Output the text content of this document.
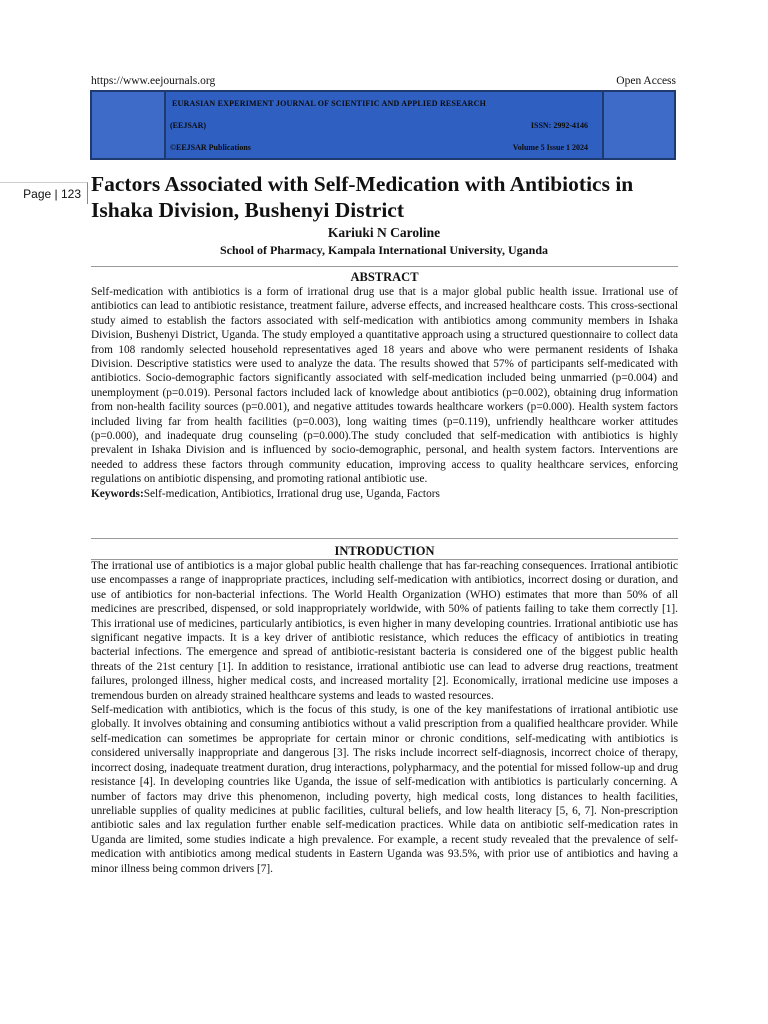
https://www.eejournals.org	Open Access
EURASIAN EXPERIMENT JOURNAL OF SCIENTIFIC AND APPLIED RESEARCH
(EEJSAR)	ISSN: 2992-4146
©EEJSAR Publications	Volume 5 Issue 1 2024
Page | 123 Factors Associated with Self-Medication with Antibiotics in Ishaka Division, Bushenyi District
Kariuki N Caroline
School of Pharmacy, Kampala International University, Uganda
ABSTRACT

Self-medication with antibiotics is a form of irrational drug use that is a major global public health issue. Irrational use of antibiotics can lead to antibiotic resistance, treatment failure, adverse effects, and increased healthcare costs. This cross-sectional study aimed to establish the factors associated with self-medication with antibiotics among community members in Ishaka Division, Bushenyi District, Uganda. The study employed a quantitative approach using a structured questionnaire to collect data from 108 randomly selected household representatives aged 18 years and above who were permanent residents of Ishaka Division. Descriptive statistics were used to analyze the data. The results showed that 57% of participants self-medicated with antibiotics. Socio-demographic factors significantly associated with self-medication included being unmarried (p=0.004) and unemployment (p=0.019). Personal factors included lack of knowledge about antibiotics (p=0.002), obtaining drug information from non-health facility sources (p=0.001), and negative attitudes towards healthcare workers (p=0.000). Health system factors included living far from health facilities (p=0.003), long waiting times (p=0.119), unfriendly healthcare worker attitudes (p=0.000), and inadequate drug counseling (p=0.000).The study concluded that self-medication with antibiotics is highly prevalent in Ishaka Division and is influenced by socio-demographic, personal, and health system factors. Interventions are needed to address these factors through community education, improving access to quality healthcare services, enforcing regulations on antibiotic dispensing, and promoting rational antibiotic use.

Keywords:Self-medication, Antibiotics, Irrational drug use, Uganda, Factors

INTRODUCTION

The irrational use of antibiotics is a major global public health challenge that has far-reaching consequences. Irrational antibiotic use encompasses a range of inappropriate practices, including self-medication with antibiotics, incorrect dosing or duration, and use of antibiotics for non-bacterial infections. The World Health Organization (WHO) estimates that more than 50% of all medicines are prescribed, dispensed, or sold inappropriately worldwide, with 50% of patients failing to take them correctly [1]. This irrational use of medicines, particularly antibiotics, is even higher in many developing countries. Irrational antibiotic use has significant negative impacts. It is a key driver of antibiotic resistance, which reduces the efficacy of antibiotics in treating bacterial infections. The emergence and spread of antibiotic-resistant bacteria is considered one of the biggest public health threats of the 21st century [1]. In addition to resistance, irrational antibiotic use can lead to adverse drug reactions, treatment failures, prolonged illness, higher medical costs, and increased mortality [2]. Economically, irrational medicine use imposes a tremendous burden on already strained healthcare systems and leads to wasted resources.

Self-medication with antibiotics, which is the focus of this study, is one of the key manifestations of irrational antibiotic use globally. It involves obtaining and consuming antibiotics without a valid prescription from a qualified healthcare provider. While self-medication can sometimes be appropriate for certain minor or chronic conditions, self-medicating with antibiotics is considered universally inappropriate and dangerous [3]. The risks include incorrect self-diagnosis, incorrect choice of therapy, incorrect dosing, inadequate treatment duration, drug interactions, polypharmacy, and the potential for missed follow-up and drug resistance [4]. In developing countries like Uganda, the issue of self-medication with antibiotics is particularly concerning. A number of factors may drive this phenomenon, including poverty, high medical costs, long distances to health facilities, unreliable supplies of quality medicines at public facilities, cultural beliefs, and low health literacy [5, 6, 7]. Non-prescription antibiotic sales and lax regulation further enable self-medication practices. While data on antibiotic self-medication rates in Uganda are limited, some studies indicate a high prevalence. For example, a recent study revealed that the prevalence of self-medication with antibiotics among medical students in Eastern Uganda was 93.5%, with prior use of antibiotics and having a minor illness being common drivers [7].
